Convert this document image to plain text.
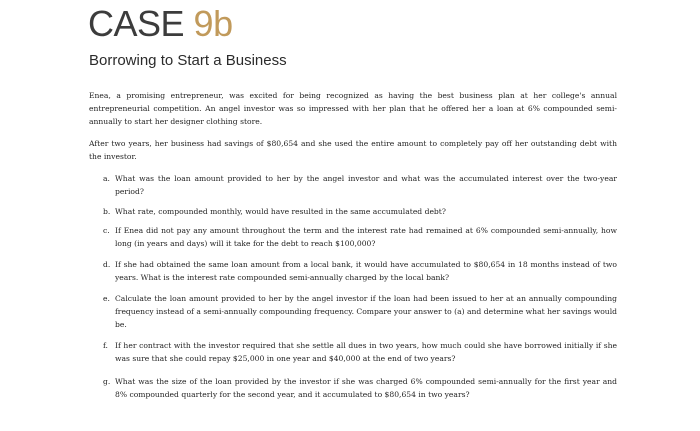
CASE 9b
Borrowing to Start a Business

Enea, a promising entrepreneur, was excited for being recognized as having the best business plan at her college's annual entrepreneurial competition. An angel investor was so impressed with her plan that he offered her a loan at 6% compounded semi-annually to start her designer clothing store.

After two years, her business had savings of $80,654 and she used the entire amount to completely pay off her outstanding debt with the investor.

a. What was the loan amount provided to her by the angel investor and what was the accumulated interest over the two-year period?

b. What rate, compounded monthly, would have resulted in the same accumulated debt?

c. If Enea did not pay any amount throughout the term and the interest rate had remained at 6% compounded semi-annually, how long (in years and days) will it take for the debt to reach $100,000?

d. If she had obtained the same loan amount from a local bank, it would have accumulated to $80,654 in 18 months instead of two years. What is the interest rate compounded semi-annually charged by the local bank?

e. Calculate the loan amount provided to her by the angel investor if the loan had been issued to her at an annually compounding frequency instead of a semi-annually compounding frequency. Compare your answer to (a) and determine what her savings would be.

f. If her contract with the investor required that she settle all dues in two years, how much could she have borrowed initially if she was sure that she could repay $25,000 in one year and $40,000 at the end of two years?

g. What was the size of the loan provided by the investor if she was charged 6% compounded semi-annually for the first year and 8% compounded quarterly for the second year, and it accumulated to $80,654 in two years?
